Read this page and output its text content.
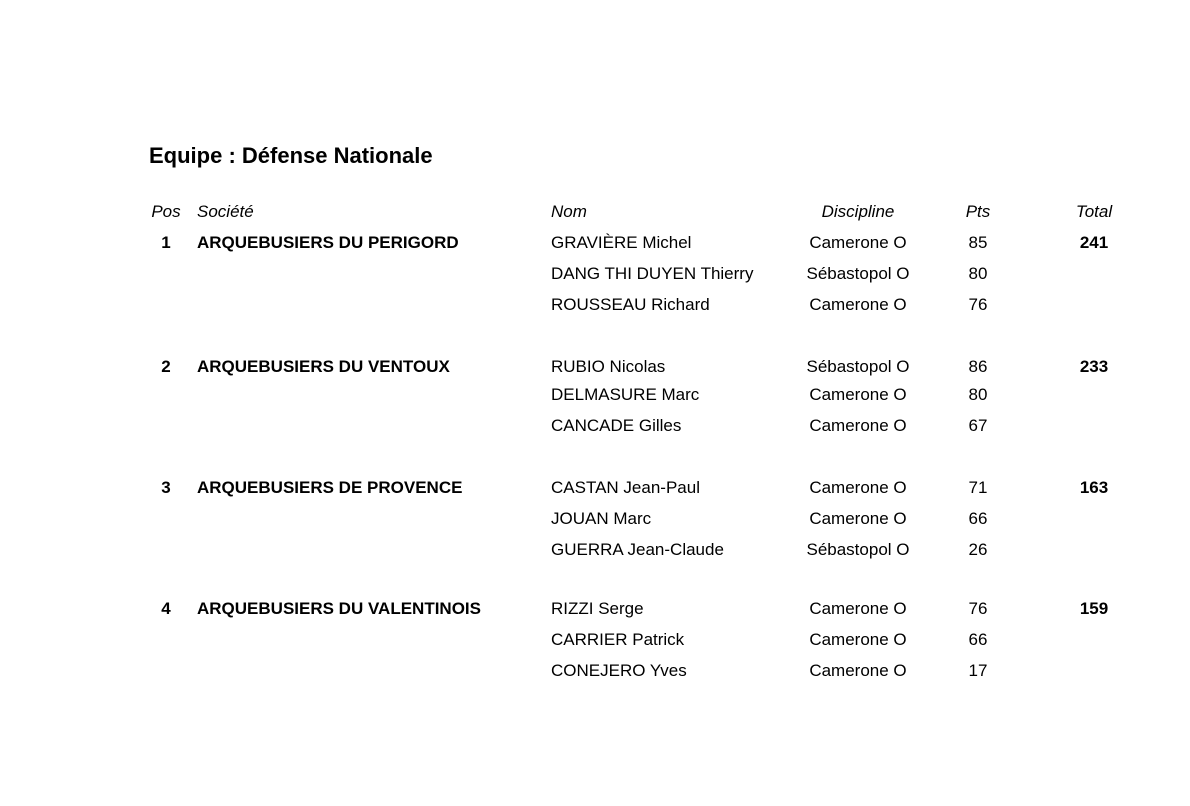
Equipe : Défense Nationale
Pos Société	Nom	Discipline	Pts	Total
1	ARQUEBUSIERS DU PERIGORD	GRAVIÈRE Michel	Camerone O	85	241
DANG THI DUYEN Thierry	Sébastopol O	80
ROUSSEAU Richard	Camerone O	76
2	ARQUEBUSIERS DU VENTOUX	RUBIO Nicolas	Sébastopol O	86	233
DELMASURE Marc	Camerone O	80
CANCADE Gilles	Camerone O	67
3	ARQUEBUSIERS DE PROVENCE	CASTAN Jean-Paul	Camerone O	71	163
JOUAN Marc	Camerone O	66
GUERRA Jean-Claude	Sébastopol O	26
4	ARQUEBUSIERS DU VALENTINOIS	RIZZI Serge	Camerone O	76	159
CARRIER Patrick	Camerone O	66
CONEJERO Yves	Camerone O	17
